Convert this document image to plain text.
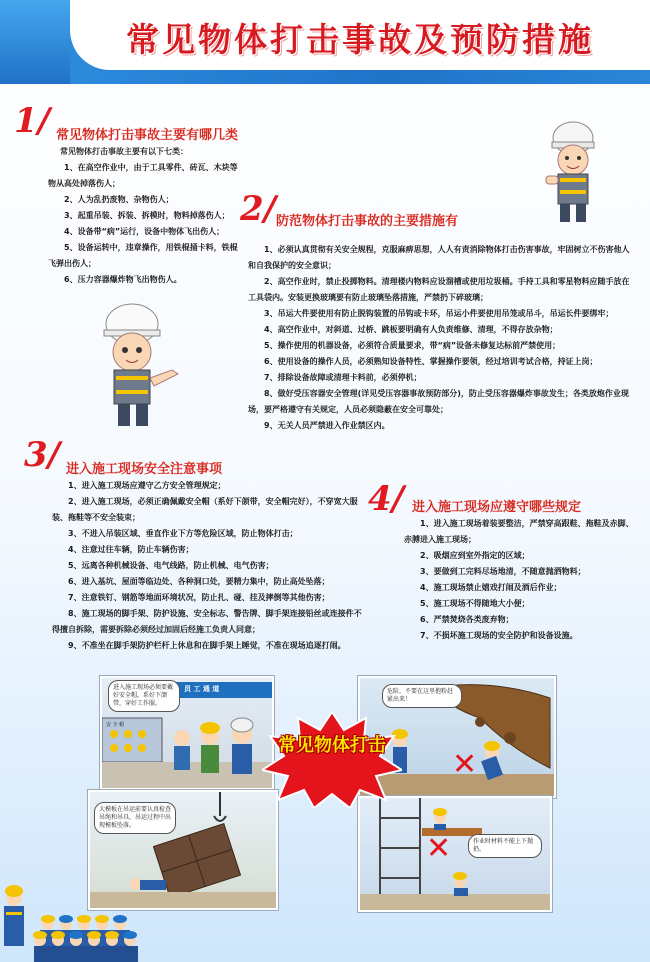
常见物体打击事故及预防措施
1/ 常见物体打击事故主要有哪几类

常见物体打击事故主要有以下七类：

1、在高空作业中，由于工具零件、砖瓦、木块等物从高处掉落伤人；

2、人为乱扔废物、杂物伤人；

3、起重吊装、拆装、拆模时，物料掉落伤人；

4、设备带“病”运行，设备中物体飞出伤人；

5、设备运转中，违章操作，用铁棍捅卡料，铁棍飞弹出伤人；

6、压力容器爆炸物飞出物伤人。

2/ 防范物体打击事故的主要措施有

1、必须认真贯彻有关安全规程，克服麻痹思想，人人有责消除物体打击伤害事故，牢固树立不伤害他人和自我保护的安全意识；

2、高空作业时，禁止投掷物料。清理楼内物料应设溜槽或使用垃圾桶。手持工具和零星物料应随手放在工具袋内。安装更换玻璃要有防止玻璃坠落措施，严禁扔下碎玻璃；

3、吊运大件要使用有防止脱钩装置的吊钩或卡环，吊运小件要使用吊笼或吊斗，吊运长件要绑牢；

4、高空作业中，对斜道、过桥、跳板要明确有人负责维修、清理，不得存放杂物；

5、操作使用的机器设备，必须符合质量要求，带“病”设备未修复达标前严禁使用；

6、使用设备的操作人员，必须熟知设备特性、掌握操作要领，经过培训考试合格，持证上岗；

7、排除设备故障或清理卡料前，必须停机；

8、做好受压容器安全管理(详见受压容器事故预防部分)，防止受压容器爆炸事故发生；各类放炮作业现场，要严格遵守有关规定，人员必须隐蔽在安全可靠处；

9、无关人员严禁进入作业禁区内。

3/ 进入施工现场安全注意事项

1、进入施工现场应遵守乙方安全管理规定；

2、进入施工现场，必须正确佩戴安全帽（系好下颌带，安全帽完好），不穿宽大服装、拖鞋等不安全装束；

3、不进入吊装区域、垂直作业下方等危险区域，防止物体打击；

4、注意过往车辆，防止车辆伤害；

5、远离各种机械设备、电气线路，防止机械、电气伤害；

6、进入基坑、屋面等临边处、各种洞口处，要精力集中，防止高处坠落；

7、注意铁钉、钢筋等地面环境状况，防止扎、碰、挂及摔倒等其他伤害；

8、施工现场的脚手架、防护设施、安全标志、警告牌、脚手架连接铅丝或连接件不得擅自拆除，需要拆除必须经过加固后经施工负责人同意；

9、不准坐在脚手架防护栏杆上休息和在脚手架上睡觉，不准在现场追逐打闹。

4/ 进入施工现场应遵守哪些规定

1、进入施工现场着装要整洁，严禁穿高跟鞋、拖鞋及赤脚、赤膊进入施工现场；

2、吸烟应到室外指定的区域；

3、要做到工完料尽场地清，不随意抛洒物料；

4、施工现场禁止嬉戏打闹及酒后作业；

5、施工现场不得随地大小便；

6、严禁焚烧各类废弃物；

7、不损坏施工现场的安全防护和设备设施。

员 工 通 道
安 全 帽
进入施工现场必须要戴好安全帽，系好下颌带，穿好工作服。
危险，不要在这里抱粉赶紧出来！
✕
大模板在吊运前要认真检查吊绳和吊具，吊运过程中出现模板坠落。
作业时材料不能上下抛扔。
✕
常见物体打击
